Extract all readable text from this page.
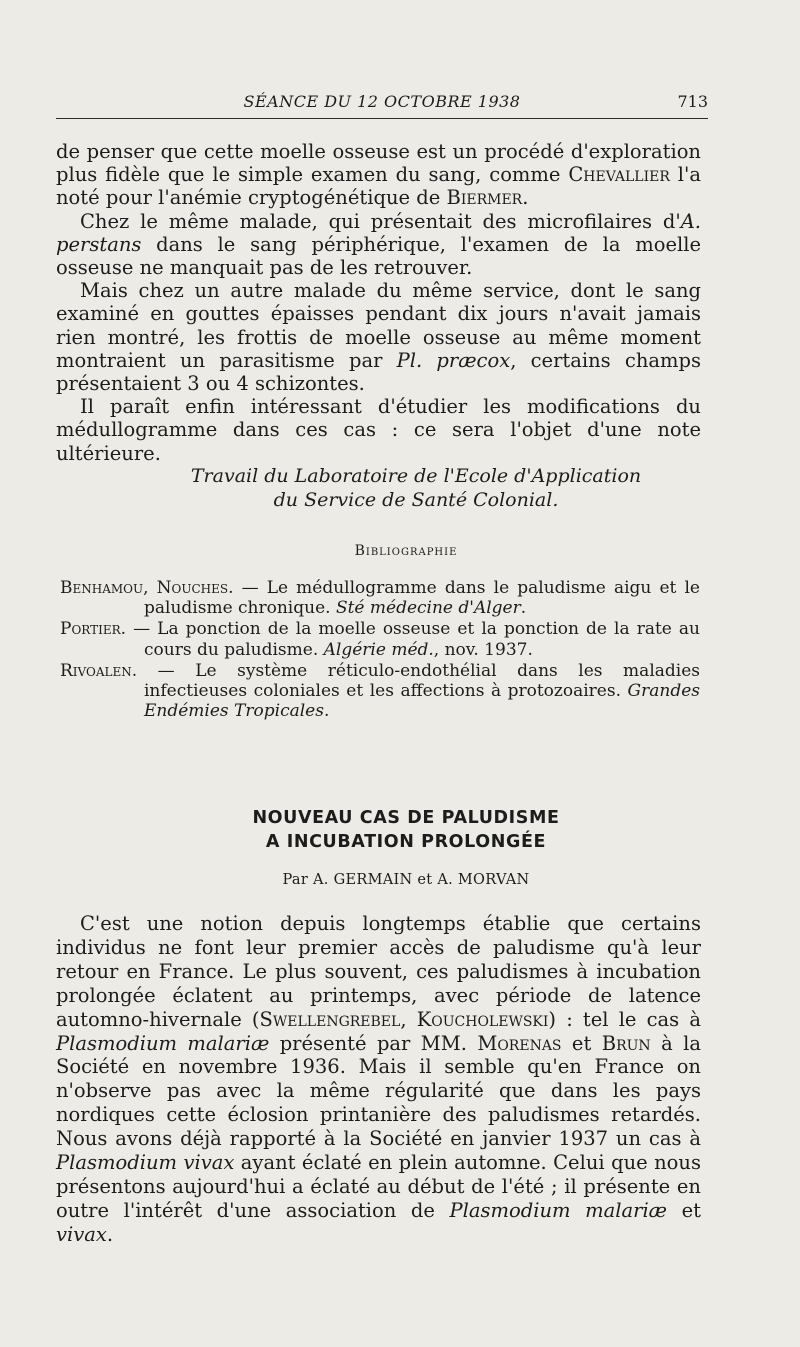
SÉANCE DU 12 OCTOBRE 1938	713

de penser que cette moelle osseuse est un procédé d'exploration plus fidèle que le simple examen du sang, comme Chevallier l'a noté pour l'anémie cryptogénétique de Biermer.

Chez le même malade, qui présentait des microfilaires d'A. perstans dans le sang périphérique, l'examen de la moelle osseuse ne manquait pas de les retrouver.

Mais chez un autre malade du même service, dont le sang examiné en gouttes épaisses pendant dix jours n'avait jamais rien montré, les frottis de moelle osseuse au même moment montraient un parasitisme par Pl. præcox, certains champs présentaient 3 ou 4 schizontes.

Il paraît enfin intéressant d'étudier les modifications du médullogramme dans ces cas : ce sera l'objet d'une note ultérieure.

Travail du Laboratoire de l'Ecole d'Application
du Service de Santé Colonial.
Bibliographie

Benhamou, Nouches. — Le médullogramme dans le paludisme aigu et le paludisme chronique. Sté médecine d'Alger.

Portier. — La ponction de la moelle osseuse et la ponction de la rate au cours du paludisme. Algérie méd., nov. 1937.

Rivoalen. — Le système réticulo-endothélial dans les maladies infectieuses coloniales et les affections à protozoaires. Grandes Endémies Tropicales.

NOUVEAU CAS DE PALUDISME
A INCUBATION PROLONGÉE
Par A. GERMAIN et A. MORVAN

C'est une notion depuis longtemps établie que certains individus ne font leur premier accès de paludisme qu'à leur retour en France. Le plus souvent, ces paludismes à incubation prolongée éclatent au printemps, avec période de latence automno-hivernale (Swellengrebel, Koucholewski) : tel le cas à Plasmodium malariæ présenté par MM. Morenas et Brun à la Société en novembre 1936. Mais il semble qu'en France on n'observe pas avec la même régularité que dans les pays nordiques cette éclosion printanière des paludismes retardés. Nous avons déjà rapporté à la Société en janvier 1937 un cas à Plasmodium vivax ayant éclaté en plein automne. Celui que nous présentons aujourd'hui a éclaté au début de l'été ; il présente en outre l'intérêt d'une association de Plasmodium malariæ et vivax.
